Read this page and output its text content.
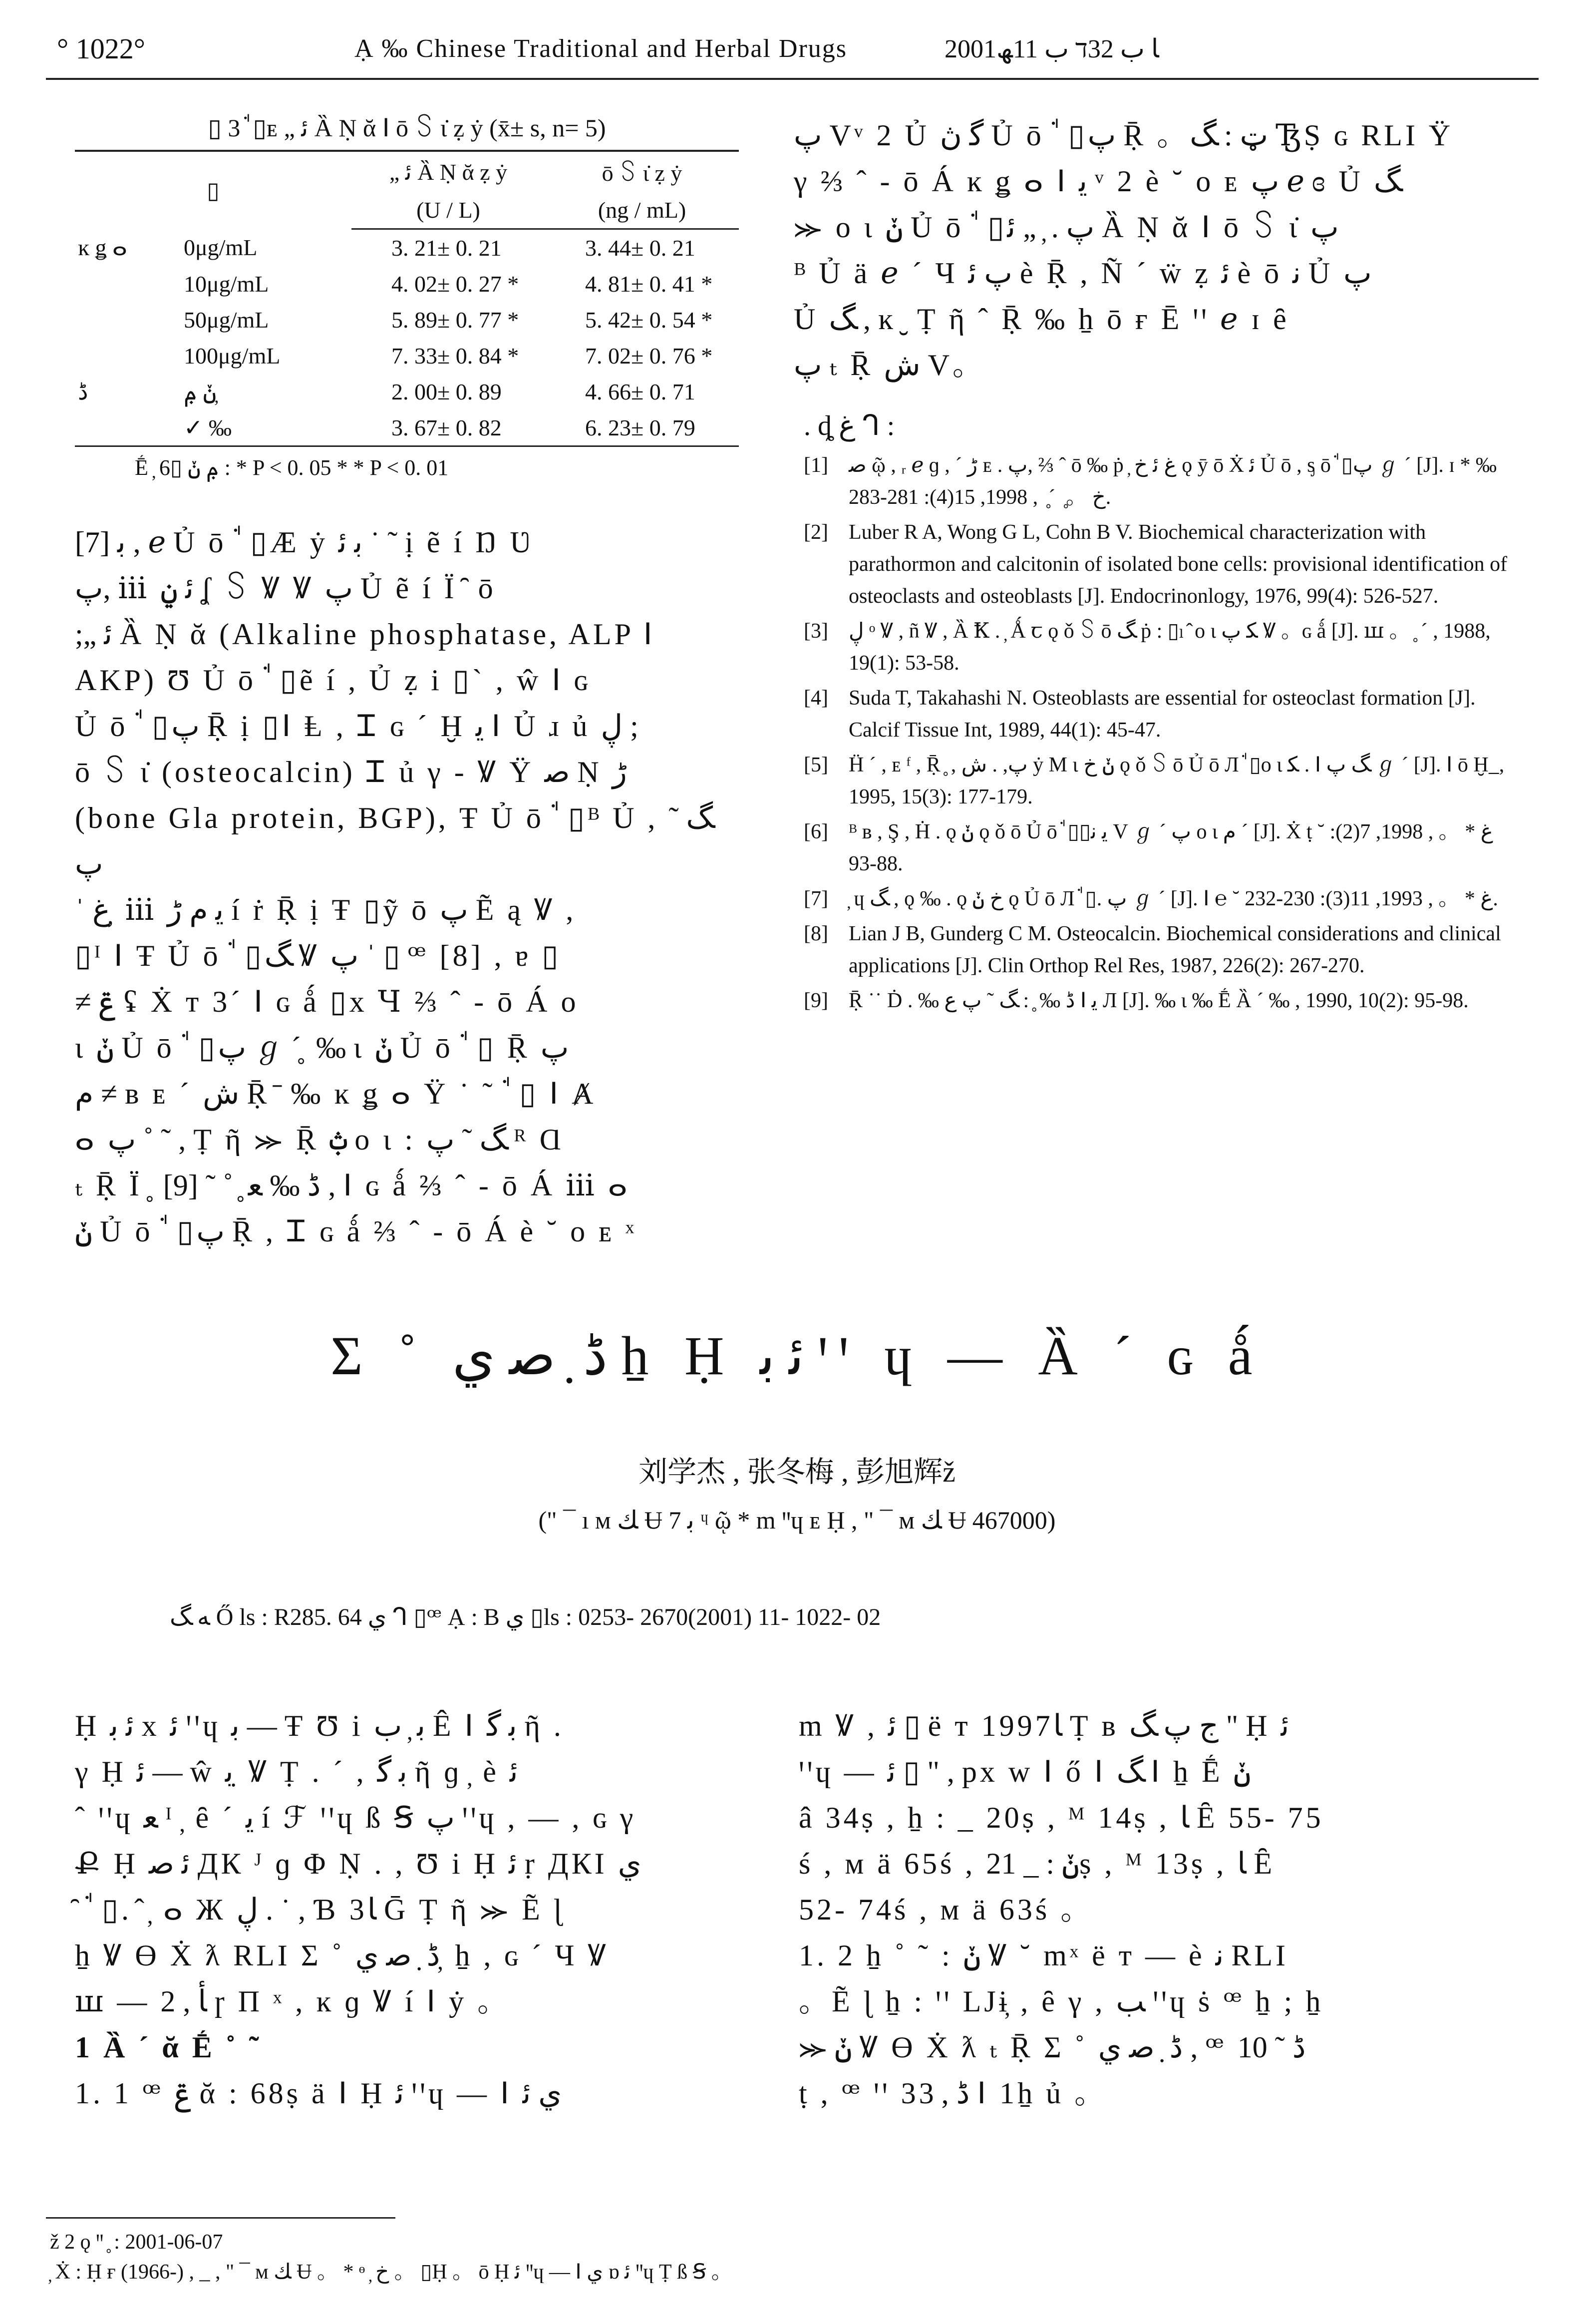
° 1022°	Ạ ‰ Chinese Traditional and Herbal Drugs	2001ﺎ ﺏ 32ﬢ ﺏ 11ﮫ
▯ 3 ꜗ ▯ᴇ „ ﺋ Ȁ Ṇ ᾰ ꓲ ō ꒚ ɩ̇ ẓ ẏ (x̄± s, n= 5)
▯		„ ﺋ Ȁ Ṇ ᾰ ẓ ẏ	ō ꒚ ɩ̇ ẓ ẏ
		(U / L)	(ng / mL)
ĸ ǥ ⴰ	0μg/mL	3. 21± 0. 21	3. 44± 0. 21
	10μg/mL	4. 02± 0. 27 *	4. 81± 0. 41 *
	50μg/mL	5. 89± 0. 77 *	5. 42± 0. 54 *
	100μg/mL	7. 33± 0. 84 *	7. 02± 0. 76 *
ڈ	ݩ ݦ ̦	2. 00± 0. 89	4. 66± 0. 71
	✓ ‰	3. 67± 0. 82	6. 23± 0. 79
Ḗ ̦ ݦ ݩ ▯6 : * P < 0. 05 * * P < 0. 01
ﺑ [7] , ℯ Ủ ō ꜗ ▯Æ ẏ ﺑ ﺋ ˙ ˜ ị ẽ í Ŋ Ʋ
ﭖ, ⅲ ﺋ ݧ ʆ ꒚ Ꝟ Ꝟ ﭖ Ủ ẽ í Ï ̑ ō
;„ ﺋ Ȁ Ṇ ᾰ (Alkaline phosphatase, ALP ꓲ
AKP) Ʊ Ủ ō ꜗ ▯ẽ í , Ủ ẓ i ▯` , ŵ ꓲ ɢ
Ủ ō ꜗ ▯ﭖ Ṝ ị ▯ꓲ Ⱡ , Ꮖ ɢ ˊ Ḫ ﻳ ꓲ Ủ ɹ ủ ڸ ;
ō ꒚ ɩ̇ (osteocalcin) Ꮖ ủ γ - Ꝟ Ÿ ﺻ Ṇ ڑ
(bone Gla protein, BGP), Ŧ Ủ ō ꜗ ▯ᴮ Ủ , ﮓ ˜ ﭖ
ˈ ﻍ ̦ ⅲ ﻳ ﻡ ڑ í ṙ Ṝ ị Ŧ ▯ỹ ō ﭖ Ẽ ą Ꝟ ,
▯ᴵ ꓲ Ŧ Ủ ō ꜗ ▯ﮓ Ꝟ ﭖ ˈ ▯ ꟹ [8] , ɐ ▯
≠ ݝ ʢ Ẋ т 3ˊ ꓲ ɢ ǻ ▯x Ɥ ⅔ ˆ - ō Á o
ɩ ݩ Ủ ō ꜗ ▯ﭖ ℊ ˊ ̥ ‰ ɩ ݩ Ủ ō ꜗ ▯ Ṝ ﭖ
ﻡ ≠ ʙ ᴇ ˊ ﺵ Ṝ ̄ ‰ ĸ ǥ ⴰ Ÿ ˙ ˜ ꜗ ▯ ꓲ Ⱥ
ⴰ ﭖ ˚ ˜ , Ṭ ῆ ⪼ Ṝ ݑ o ɩ : ﮓ ˜ ﭖ ᴿ Ɑ
ₜ Ṝ Ï ̥ ڈ ‰ ﻌ ̥ ˚ ˜ [9] , ꓲ ɢ ǻ ⅔ ˆ - ō Á ⅲ ⴰ
ݩ Ủ ō ꜗ ▯ﭖ Ṝ , Ꮖ ɢ ǻ ⅔ ˆ - ō Á è ˘ o ᴇ ˣ
ﭖ Vᵛ 2 Ủ ﮔ ڽ Ủ ō ꜗ ▯ﭖ Ṝ 。ټ : ﮓ ꜨṢ ɢ RLI Ÿ
γ ⅔ ˆ - ō Á ĸ ǥ ⴰ ꓲ ﻳ ᵛ 2 è ˘ o ᴇ ﭖ ℯ ɞ Ủ ﮓ
⪼ o ɩ ݩ Ủ ō ꜗ ▯ﭖ . ̦ „ ﺋ Ȁ Ṇ ᾰ ꓲ ō ꒚ ɩ̇ ﭖ
ᴮ Ủ ä ℯ ˊ Ч ﭖ ﺋ è Ṝ , Ñ ˊ ẅ ẓ ﺋ è ō ﻧ Ủ ﭖ
Ủ ﮓ , ĸ ̮ Ṭ ῆ ˆ Ṝ ‰ ẖ ō ғ Ē ꞌꞌ ℯ ɪ ȇ
ﭖ ₜ Ṝ ﺵ V。
. ȡ ﻍ ᒉ :
[1] ﺻ ῷ , ᵣ ℯ ɡ , ˊ ڑ ᴇ . ﭖ, ⅔ ˆ ō ‰ ṗ ̦ ﻍ ﺋ ﺥ ǫ ȳ ō Ẋ ﺋ Ủ ō , ᶊ ō ꜗ ▯ﭖ ℊ ˊ [J]. ɪ * ‰ ﺥ 。 ̥ ˊ ̥ , 1998, 15(4): 281-283.
[2] Luber R A, Wong G L, Cohn B V. Biochemical characterization with parathormon and calcitonin of isolated bone cells: provisional identification of osteoclasts and osteoblasts [J]. Endocrinonlogy, 1976, 99(4): 526-527.
[3] ڸ ᵒ Ꝟ , ñ Ꝟ , Ȁ Ꝁ . ̦ Ǻ ꞇ ǫ ǒ ꒚ ō ﮓ ṗ : ▯ₗ ̂ o ɩ ﮑ ﭖ Ꝟ 。ɢ ǻ [J]. ꟺ 。 ̥ ˊ , 1988, 19(1): 53-58.
[4] Suda T, Takahashi N. Osteoblasts are essential for osteoclast formation [J]. Calcif Tissue Int, 1989, 44(1): 45-47.
[5] Ḧ ˊ , ᴇ ᶠ , Ṝ ̥ , ﭖ, . ﺵ ẏ M ɩ ݩ ﺥ ǫ ǒ ꒚ ō Ủ ō Л ꜗ ▯o ɩ ﮑ . ꓲ ﮓ ﭖ ℊ ˊ [J]. ꓲ ō Ḫ ̲ , 1995, 15(3): 177-179.
[6] ᴮ ʙ , Ş , Ḣ . ǫ ݩ ǫ ǒ ō Ủ ō ꜗ ▯▯ﻳ ﻧ V ℊ ˊ ﭖ o ɩ ﻡ ˊ [J]. Ẋ ṭ ˘ ﻍ * 。 , 1998, 7(2): 88-93.
[7] ̦ ɥ ﮓ , ǫ ‰ . ǫ ﺥ ݩ ǫ Ủ ō Л ꜗ ▯. ﭖ ℊ ˊ [J]. ꓲ ℮ ˘ ﻍ * 。 , 1993, 11(3): 230-232.
[8] Lian J B, Gunderg C M. Osteocalcin. Biochemical considerations and clinical applications [J]. Clin Orthop Rel Res, 1987, 226(2): 267-270.
[9] Ṝ ˙˙ Ḋ . ‰ ڈ ‰ ̥ : ﮓ ˜ ﭖ ﻉ ꓲ ﻳ Л [J]. ‰ ɩ ‰ Ḗ Ȁ ˊ ‰ , 1990, 10(2): 95-98.
Σ ˚ ڈ ̣ ﺻ ﻱ ẖ Ḥ ﺋ ﺑ ꞌꞌ ɥ — Ȁ ˊ ɢ ǻ
刘学杰 , 张冬梅 , 彭旭辉ž
(" ¯ ı ᴍ ﻚ Ʉ 7 ﺑ ᶣ ῷ * m ꞌꞌɥ ᴇ Ḥ , " ¯ ᴍ ﻚ Ʉ 467000)
ﻪ ﮓ Ő ls : R285. 64 ﻱ ᒉ ▯ꟹ Ạ : B ﻱ ▯ls : 0253- 2670(2001) 11- 1022- 02
Ḥ ﺋ ﺑ x ﺋ ꞌꞌɥ ﺑ — Ŧ Ʊ i ﺑ ̦ ﺏ Ê ꓲ ﺑ ﮔ ῆ .
γ Ḥ ﺋ — ŵ ﺑ ̣ Ꝟ Ṭ . ˊ , ﺑ ﮔ ῆ ɡ ̦ è ﺋ
ˆ ꞌꞌɥ ﻌ ᴵ ̦ ȇ ˊ ﻳ í ℱ ꞌꞌɥ ß Ꞩ ﭖ ꞌꞌɥ , — , ɢ γ
Ք Ḥ ﺋ ﺻ ДК ᴶ ɡ Φ Ṇ . , Ʊ i Ḥ ﺋ ṛ ДКI ﻱ
̑ ꜗ ▯. ̂ ̦ ⴰ Ж ڸ . ˙ , Ɓ 3ﺎ Ḡ Ṭ ῆ ⪼ Ẽ ɭ
ẖ Ꝟ ϴ Ẋ ƛ RLI Σ ˚ ڈ ̣ ﺻ ﻱ ̦ ẖ , ɢ ˊ Ч Ꝟ
ꟺ — ﺄ , 2 ɼ Π ˣ , ĸ ɡ Ꝟ í ꓲ ẏ 。
1 Ȁ ˊ ᾰ Ḗ ˚ ˜
1. 1 ꟹ ݝ ᾰ : 68ṣ ä ꓲ Ḥ ﺋ ꞌꞌɥ — ꓲ ﻱ ﺋ
m Ꝟ , ﺋ ▯ ë т 1997ﺎ Ṭ ʙ ﺝ ﭖ ﮓ " Ḥ ﺋ
ꞌꞌɥ — ﺋ ▯ " , px w ꓲ ő ꓲ ﮓ ꓲ ẖ Ḗ ݩ
â 34ṣ , ẖ : _ 20ṣ , ᴹ 14ṣ , ﺎ Ȇ 55- 75
ś , ᴍ ä 65ś , ݩ : _ 21ṣ , ᴹ 13ṣ , ﺎ Ȇ
52- 74ś , ᴍ ä 63ś 。
1. 2 ẖ ˚ ˜ : ݩ Ꝟ ˘ mˣ ë т — è ﻧ RLI
。Ẽ ɭ ẖ : ꞌꞌ LJɨ̦ , ȇ γ , ﺐ ꞌꞌɥ ṡ ꟹ ẖ ; ẖ
⪼ ݩ Ꝟ ϴ Ẋ ƛ ₜ Ṝ Σ ˚ ڈ ̣ ﺻ ﻱ , ꟹ ڈ ˜ 10
ṭ , ꟹ ꞌꞌ 3ڈ , 3 ꓲ 1ẖ ủ 。
ž 2 ǫ ꞌꞌ ̥ : 2001-06-07
Ẋ : Ḥ ғ (1966-) , _ , " ¯ ᴍ ﻚ Ʉ 。 * ᶱ ̦ ﺥ 。 ▯Ḥ 。 ō Ḥ ﺋ ꞌꞌɥ — ꓲ ﻱ ɒ ﺋ ꞌꞌɥ Ṭ ß Ꞩ 。
